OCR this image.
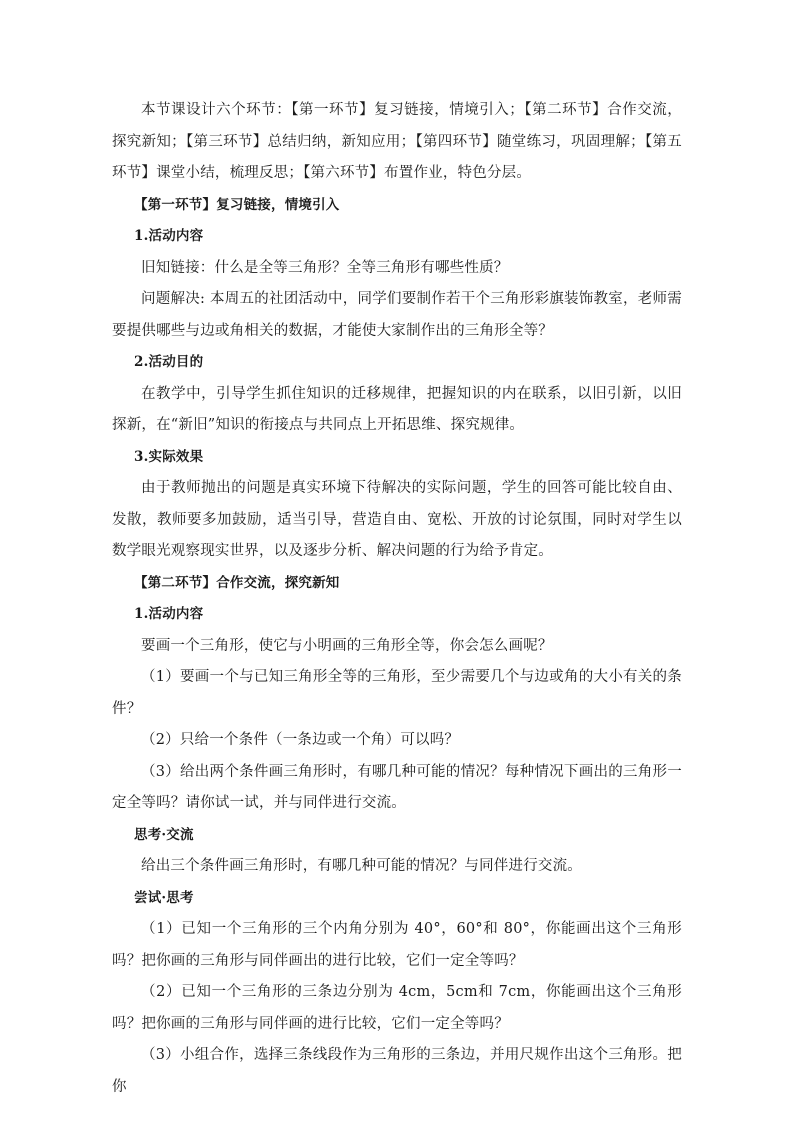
本节课设计六个环节：【第一环节】复习链接，情境引入；【第二环节】合作交流，探究新知；【第三环节】总结归纳，新知应用；【第四环节】随堂练习，巩固理解；【第五环节】课堂小结，梳理反思；【第六环节】布置作业，特色分层。

【第一环节】复习链接，情境引入

1.活动内容

旧知链接：什么是全等三角形？全等三角形有哪些性质？

问题解决: 本周五的社团活动中，同学们要制作若干个三角形彩旗装饰教室，老师需要提供哪些与边或角相关的数据，才能使大家制作出的三角形全等？

2.活动目的

在教学中，引导学生抓住知识的迁移规律，把握知识的内在联系，以旧引新，以旧探新，在“新旧”知识的衔接点与共同点上开拓思维、探究规律。

3.实际效果

由于教师抛出的问题是真实环境下待解决的实际问题，学生的回答可能比较自由、发散，教师要多加鼓励，适当引导，营造自由、宽松、开放的讨论氛围，同时对学生以数学眼光观察现实世界，以及逐步分析、解决问题的行为给予肯定。

【第二环节】合作交流，探究新知

1.活动内容

要画一个三角形，使它与小明画的三角形全等，你会怎么画呢？

（1）要画一个与已知三角形全等的三角形，至少需要几个与边或角的大小有关的条件？

（2）只给一个条件（一条边或一个角）可以吗？

（3）给出两个条件画三角形时，有哪几种可能的情况？每种情况下画出的三角形一定全等吗？请你试一试，并与同伴进行交流。

思考·交流

给出三个条件画三角形时，有哪几种可能的情况？与同伴进行交流。

尝试·思考

（1）已知一个三角形的三个内角分别为 40°，60°和 80°，你能画出这个三角形吗？把你画的三角形与同伴画出的进行比较，它们一定全等吗？

（2）已知一个三角形的三条边分别为 4cm，5cm和 7cm，你能画出这个三角形吗？把你画的三角形与同伴画的进行比较，它们一定全等吗？

（3）小组合作，选择三条线段作为三角形的三条边，并用尺规作出这个三角形。把你
